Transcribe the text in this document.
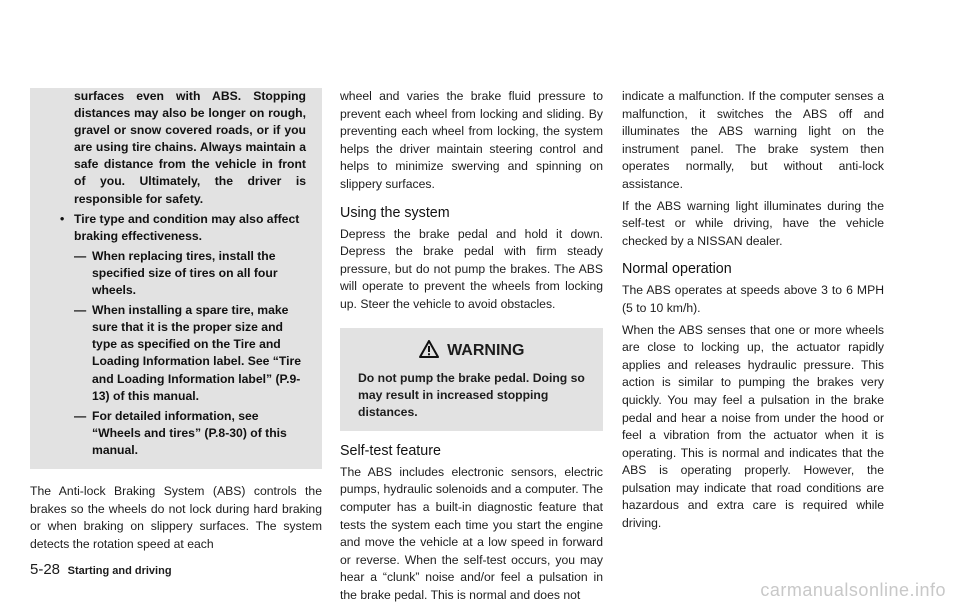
surfaces even with ABS. Stopping distances may also be longer on rough, gravel or snow covered roads, or if you are using tire chains. Always maintain a safe distance from the vehicle in front of you. Ultimately, the driver is responsible for safety.
• Tire type and condition may also affect braking effectiveness.
— When replacing tires, install the specified size of tires on all four wheels.
— When installing a spare tire, make sure that it is the proper size and type as specified on the Tire and Loading Information label. See “Tire and Loading Information label” (P.9-13) of this manual.
— For detailed information, see “Wheels and tires” (P.8-30) of this manual.

The Anti-lock Braking System (ABS) controls the brakes so the wheels do not lock during hard braking or when braking on slippery surfaces. The system detects the rotation speed at each

wheel and varies the brake fluid pressure to prevent each wheel from locking and sliding. By preventing each wheel from locking, the system helps the driver maintain steering control and helps to minimize swerving and spinning on slippery surfaces.

Using the system

Depress the brake pedal and hold it down. Depress the brake pedal with firm steady pressure, but do not pump the brakes. The ABS will operate to prevent the wheels from locking up. Steer the vehicle to avoid obstacles.

WARNING
Do not pump the brake pedal. Doing so may result in increased stopping distances.
Self-test feature

The ABS includes electronic sensors, electric pumps, hydraulic solenoids and a computer. The computer has a built-in diagnostic feature that tests the system each time you start the engine and move the vehicle at a low speed in forward or reverse. When the self-test occurs, you may hear a “clunk” noise and/or feel a pulsation in the brake pedal. This is normal and does not

indicate a malfunction. If the computer senses a malfunction, it switches the ABS off and illuminates the ABS warning light on the instrument panel. The brake system then operates normally, but without anti-lock assistance.

If the ABS warning light illuminates during the self-test or while driving, have the vehicle checked by a NISSAN dealer.

Normal operation

The ABS operates at speeds above 3 to 6 MPH (5 to 10 km/h).

When the ABS senses that one or more wheels are close to locking up, the actuator rapidly applies and releases hydraulic pressure. This action is similar to pumping the brakes very quickly. You may feel a pulsation in the brake pedal and hear a noise from under the hood or feel a vibration from the actuator when it is operating. This is normal and indicates that the ABS is operating properly. However, the pulsation may indicate that road conditions are hazardous and extra care is required while driving.

5-28 Starting and driving
carmanualsonline.info
